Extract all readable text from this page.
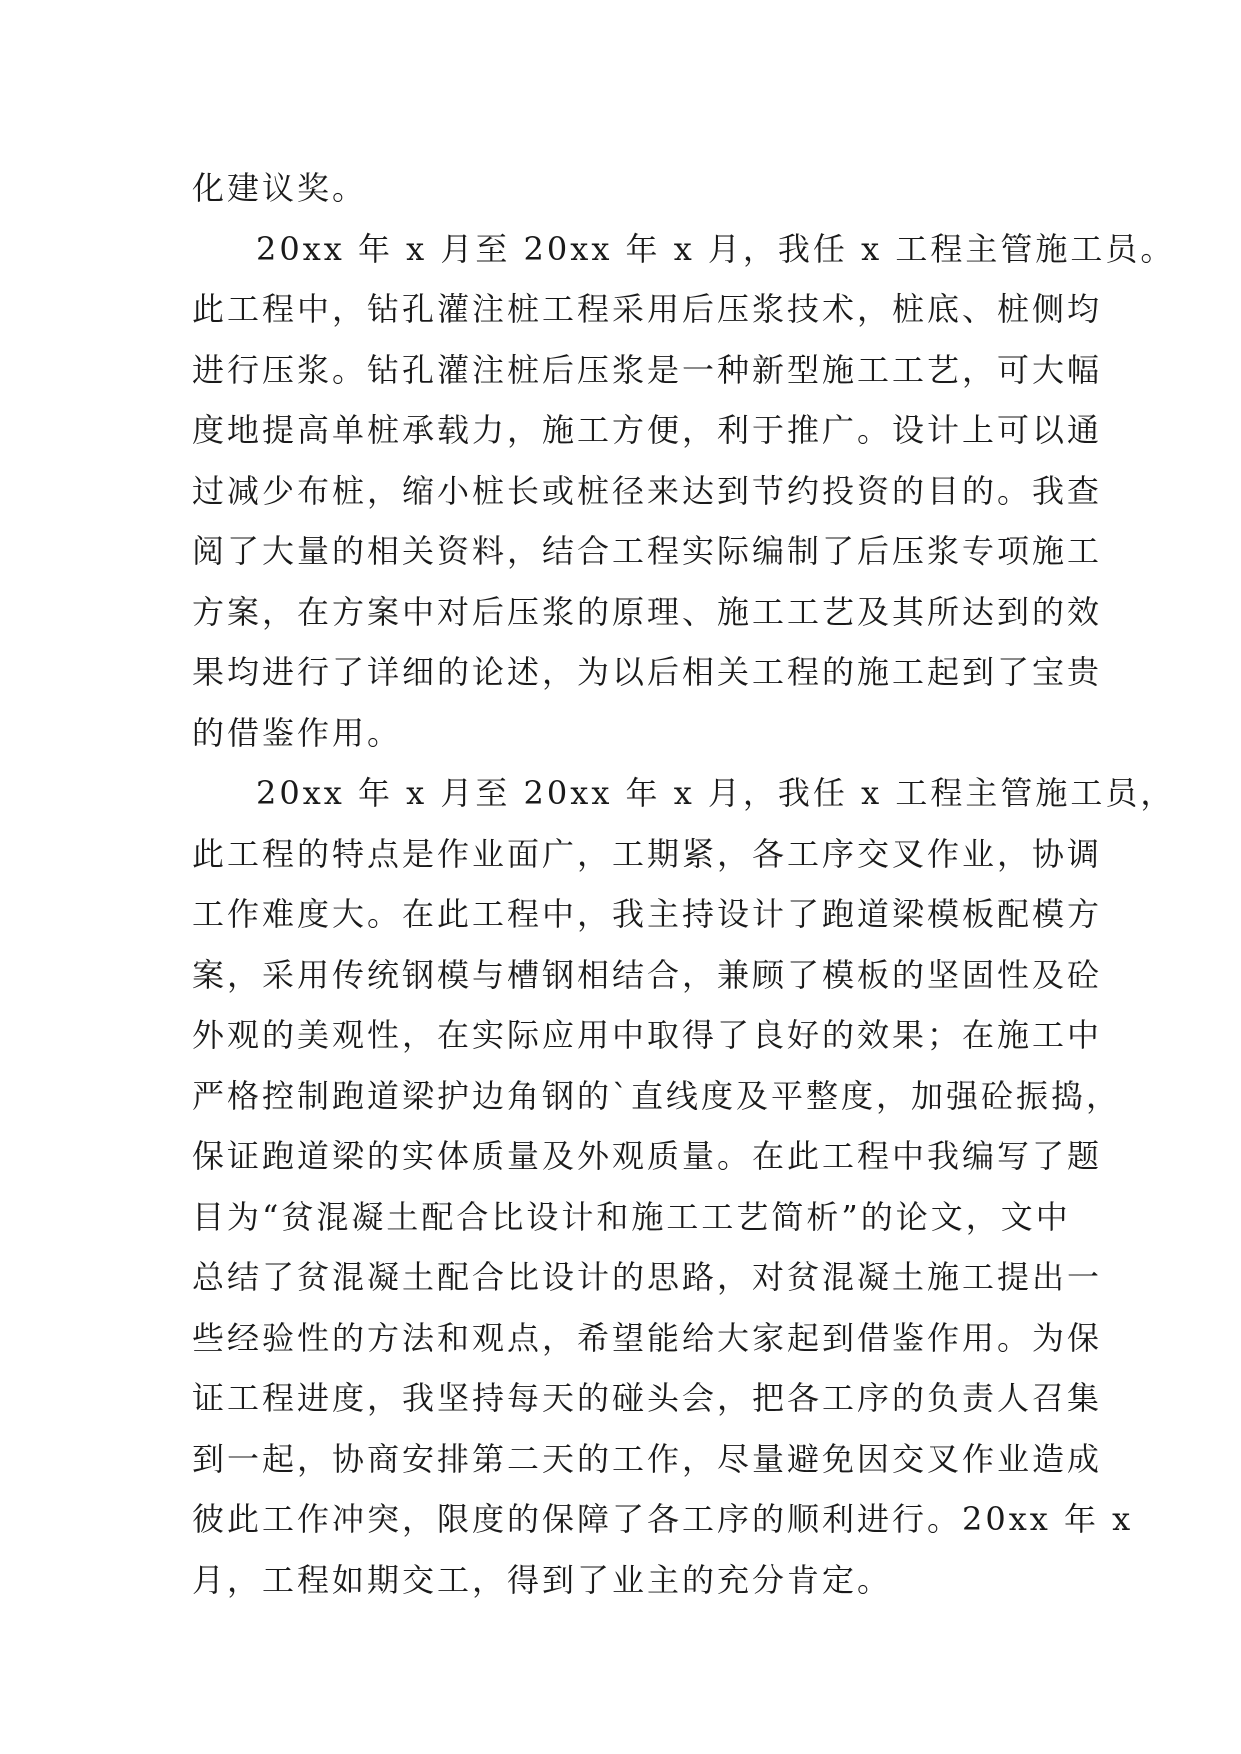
化建议奖。
20xx 年 x 月至 20xx 年 x 月，我任 x 工程主管施工员。
此工程中，钻孔灌注桩工程采用后压浆技术，桩底、桩侧均
进行压浆。钻孔灌注桩后压浆是一种新型施工工艺，可大幅
度地提高单桩承载力，施工方便，利于推广。设计上可以通
过减少布桩，缩小桩长或桩径来达到节约投资的目的。我查
阅了大量的相关资料，结合工程实际编制了后压浆专项施工
方案，在方案中对后压浆的原理、施工工艺及其所达到的效
果均进行了详细的论述，为以后相关工程的施工起到了宝贵
的借鉴作用。
20xx 年 x 月至 20xx 年 x 月，我任 x 工程主管施工员，
此工程的特点是作业面广，工期紧，各工序交叉作业，协调
工作难度大。在此工程中，我主持设计了跑道梁模板配模方
案，采用传统钢模与槽钢相结合，兼顾了模板的坚固性及砼
外观的美观性，在实际应用中取得了良好的效果；在施工中
严格控制跑道梁护边角钢的`直线度及平整度，加强砼振捣，
保证跑道梁的实体质量及外观质量。在此工程中我编写了题
目为“贫混凝土配合比设计和施工工艺简析”的论文，文中
总结了贫混凝土配合比设计的思路，对贫混凝土施工提出一
些经验性的方法和观点，希望能给大家起到借鉴作用。为保
证工程进度，我坚持每天的碰头会，把各工序的负责人召集
到一起，协商安排第二天的工作，尽量避免因交叉作业造成
彼此工作冲突，限度的保障了各工序的顺利进行。20xx 年 x
月，工程如期交工，得到了业主的充分肯定。
